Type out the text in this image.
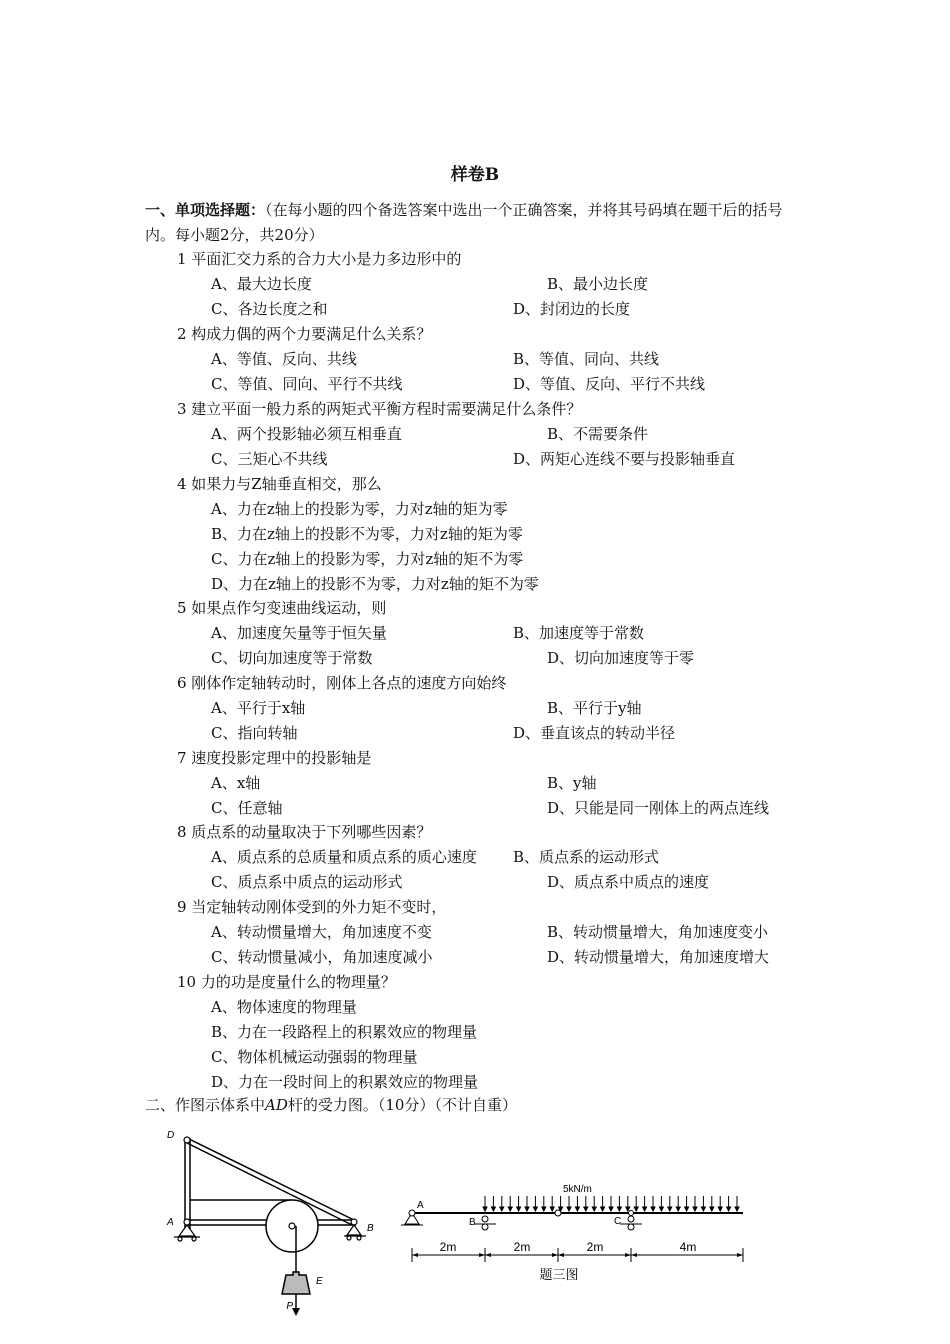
样卷B
一、单项选择题：（在每小题的四个备选答案中选出一个正确答案，并将其号码填在题干后的括号内。每小题2分，共20分）
1 平面汇交力系的合力大小是力多边形中的
A、最大边长度	B、最小边长度
C、各边长度之和	D、封闭边的长度
2 构成力偶的两个力要满足什么关系？
A、等值、反向、共线	B、等值、同向、共线
C、等值、同向、平行不共线	D、等值、反向、平行不共线
3 建立平面一般力系的两矩式平衡方程时需要满足什么条件？
A、两个投影轴必须互相垂直	B、不需要条件
C、三矩心不共线	D、两矩心连线不要与投影轴垂直
4 如果力与Z轴垂直相交，那么
A、力在z轴上的投影为零，力对z轴的矩为零
B、力在z轴上的投影不为零，力对z轴的矩为零
C、力在z轴上的投影为零，力对z轴的矩不为零
D、力在z轴上的投影不为零，力对z轴的矩不为零
5 如果点作匀变速曲线运动，则
A、加速度矢量等于恒矢量	B、加速度等于常数
C、切向加速度等于常数	D、切向加速度等于零
6 刚体作定轴转动时，刚体上各点的速度方向始终
A、平行于x轴	B、平行于y轴
C、指向转轴	D、垂直该点的转动半径
7 速度投影定理中的投影轴是
A、x轴	B、y轴
C、任意轴	D、只能是同一刚体上的两点连线
8 质点系的动量取决于下列哪些因素？
A、质点系的总质量和质点系的质心速度 B、质点系的运动形式
C、质点系中质点的运动形式	D、质点系中质点的速度
9 当定轴转动刚体受到的外力矩不变时，
A、转动惯量增大，角加速度不变	B、转动惯量增大，角加速度变小
C、转动惯量减小，角加速度减小	D、转动惯量增大，角加速度增大
10 力的功是度量什么的物理量？
A、物体速度的物理量
B、力在一段路程上的积累效应的物理量
C、物体机械运动强弱的物理量
D、力在一段时间上的积累效应的物理量
二、作图示体系中AD杆的受力图。（10分）（不计自重）
D
A
B
E
P
5kN/m
A
B	C
2m	2m	2m	4m
题三图
